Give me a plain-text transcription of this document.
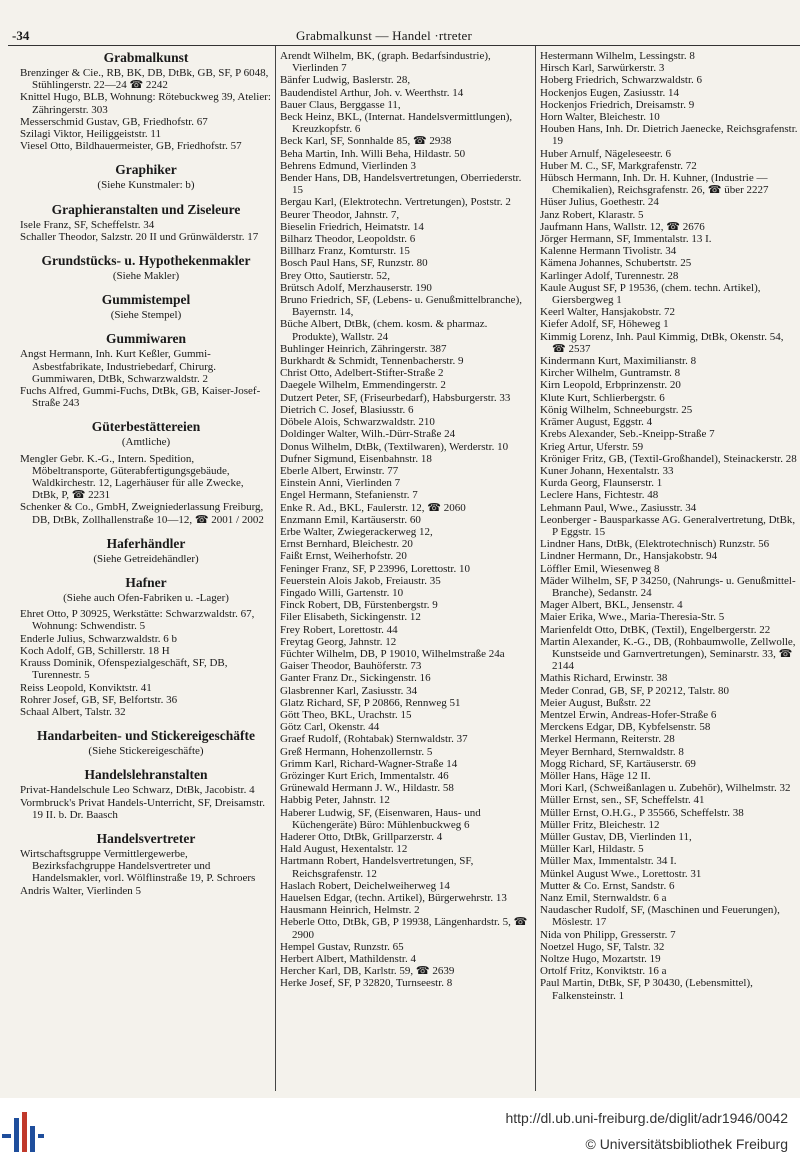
-34	Grabmalkunst — Handel ·rtreter

Grabmalkunst

Brenzinger & Cie., RB, BK, DB, DtBk, GB, SF, P 6048, Stühlingerstr. 22—24 ☎ 2242

Knittel Hugo, BLB, Wohnung: Rötebuckweg 39, Atelier: Zähringerstr. 303

Messerschmid Gustav, GB, Friedhofstr. 67

Szilagi Viktor, Heiliggeiststr. 11

Viesel Otto, Bildhauermeister, GB, Friedhofstr. 57

Graphiker

(Siehe Kunstmaler: b)

Graphieranstalten und Ziseleure

Isele Franz, SF, Scheffelstr. 34

Schaller Theodor, Salzstr. 20 II und Grünwälderstr. 17

Grundstücks- u. Hypothekenmakler

(Siehe Makler)

Gummistempel

(Siehe Stempel)

Gummiwaren

Angst Hermann, Inh. Kurt Keßler, Gummi-Asbestfabrikate, Industriebedarf, Chirurg. Gummiwaren, DtBk, Schwarzwaldstr. 2

Fuchs Alfred, Gummi-Fuchs, DtBk, GB, Kaiser-Josef-Straße 243

Güterbestättereien

(Amtliche)

Mengler Gebr. K.-G., Intern. Spedition, Möbeltransporte, Güterabfertigungsgebäude, Waldkirchestr. 12, Lagerhäuser für alle Zwecke, DtBk, P, ☎ 2231

Schenker & Co., GmbH, Zweigniederlassung Freiburg, DB, DtBk, Zollhallenstraße 10—12, ☎ 2001 / 2002

Haferhändler

(Siehe Getreidehändler)

Hafner

(Siehe auch Ofen-Fabriken u. -Lager)

Ehret Otto, P 30925, Werkstätte: Schwarzwaldstr. 67, Wohnung: Schwendistr. 5

Enderle Julius, Schwarzwaldstr. 6 b

Koch Adolf, GB, Schillerstr. 18 H

Krauss Dominik, Ofenspezialgeschäft, SF, DB, Turennestr. 5

Reiss Leopold, Konviktstr. 41

Rohrer Josef, GB, SF, Belfortstr. 36

Schaal Albert, Talstr. 32

Handarbeiten- und Stickereigeschäfte

(Siehe Stickereigeschäfte)

Handelslehranstalten

Privat-Handelschule Leo Schwarz, DtBk, Jacobistr. 4

Vormbruck's Privat Handels-Unterricht, SF, Dreisamstr. 19 II. b. Dr. Baasch

Handelsvertreter

Wirtschaftsgruppe Vermittlergewerbe, Bezirksfachgruppe Handelsvertreter und Handelsmakler, vorl. Wölflinstraße 19, P. Schroers

Andris Walter, Vierlinden 5

Arendt Wilhelm, BK, (graph. Bedarfsindustrie), Vierlinden 7

Bänfer Ludwig, Baslerstr. 28,

Baudendistel Arthur, Joh. v. Weerthstr. 14

Bauer Claus, Berggasse 11,

Beck Heinz, BKL, (Internat. Handelsvermittlungen), Kreuzkopfstr. 6

Beck Karl, SF, Sonnhalde 85, ☎ 2938

Beha Martin, Inh. Willi Beha, Hildastr. 50

Behrens Edmund, Vierlinden 3

Bender Hans, DB, Handelsvertretungen, Oberriederstr. 15

Bergau Karl, (Elektrotechn. Vertretungen), Poststr. 2

Beurer Theodor, Jahnstr. 7,

Bieselin Friedrich, Heimatstr. 14

Bilharz Theodor, Leopoldstr. 6

Billharz Franz, Komturstr. 15

Bosch Paul Hans, SF, Runzstr. 80

Brey Otto, Sautierstr. 52,

Brütsch Adolf, Merzhauserstr. 190

Bruno Friedrich, SF, (Lebens- u. Genußmittelbranche), Bayernstr. 14,

Büche Albert, DtBk, (chem. kosm. & pharmaz. Produkte), Wallstr. 24

Buhlinger Heinrich, Zähringerstr. 387

Burkhardt & Schmidt, Tennenbacherstr. 9

Christ Otto, Adelbert-Stifter-Straße 2

Daegele Wilhelm, Emmendingerstr. 2

Dutzert Peter, SF, (Friseurbedarf), Habsburgerstr. 33

Dietrich C. Josef, Blasiusstr. 6

Döbele Alois, Schwarzwaldstr. 210

Doldinger Walter, Wilh.-Dürr-Straße 24

Donus Wilhelm, DtBk, (Textilwaren), Werderstr. 10

Dufner Sigmund, Eisenbahnstr. 18

Eberle Albert, Erwinstr. 77

Einstein Anni, Vierlinden 7

Engel Hermann, Stefanienstr. 7

Enke R. Ad., BKL, Faulerstr. 12, ☎ 2060

Enzmann Emil, Kartäuserstr. 60

Erbe Walter, Zwiegerackerweg 12,

Ernst Bernhard, Bleichestr. 20

Faißt Ernst, Weiherhofstr. 20

Feninger Franz, SF, P 23996, Lorettostr. 10

Feuerstein Alois Jakob, Freiaustr. 35

Fingado Willi, Gartenstr. 10

Finck Robert, DB, Fürstenbergstr. 9

Filer Elisabeth, Sickingenstr. 12

Frey Robert, Lorettostr. 44

Freytag Georg, Jahnstr. 12

Füchter Wilhelm, DB, P 19010, Wilhelmstraße 24a

Gaiser Theodor, Bauhöferstr. 73

Ganter Franz Dr., Sickingenstr. 16

Glasbrenner Karl, Zasiusstr. 34

Glatz Richard, SF, P 20866, Rennweg 51

Gött Theo, BKL, Urachstr. 15

Götz Carl, Okenstr. 44

Graef Rudolf, (Rohtabak) Sternwaldstr. 37

Greß Hermann, Hohenzollernstr. 5

Grimm Karl, Richard-Wagner-Straße 14

Grözinger Kurt Erich, Immentalstr. 46

Grünewald Hermann J. W., Hildastr. 58

Habbig Peter, Jahnstr. 12

Haberer Ludwig, SF, (Eisenwaren, Haus- und Küchengeräte) Büro: Mühlenbuckweg 6

Haderer Otto, DtBk, Grillparzerstr. 4

Hald August, Hexentalstr. 12

Hartmann Robert, Handelsvertretungen, SF, Reichsgrafenstr. 12

Haslach Robert, Deichelweiherweg 14

Hauelsen Edgar, (techn. Artikel), Bürgerwehrstr. 13

Hausmann Heinrich, Helmstr. 2

Heberle Otto, DtBk, GB, P 19938, Längenhardstr. 5, ☎ 2900

Hempel Gustav, Runzstr. 65

Herbert Albert, Mathildenstr. 4

Hercher Karl, DB, Karlstr. 59, ☎ 2639

Herke Josef, SF, P 32820, Turnseestr. 8

Hestermann Wilhelm, Lessingstr. 8

Hirsch Karl, Sarwürkerstr. 3

Hoberg Friedrich, Schwarzwaldstr. 6

Hockenjos Eugen, Zasiusstr. 14

Hockenjos Friedrich, Dreisamstr. 9

Horn Walter, Bleichestr. 10

Houben Hans, Inh. Dr. Dietrich Jaenecke, Reichsgrafenstr. 19

Huber Arnulf, Nägeleseestr. 6

Huber M. C., SF, Markgrafenstr. 72

Hübsch Hermann, Inh. Dr. H. Kuhner, (Industrie — Chemikalien), Reichsgrafenstr. 26, ☎ über 2227

Hüser Julius, Goethestr. 24

Janz Robert, Klarastr. 5

Jaufmann Hans, Wallstr. 12, ☎ 2676

Jörger Hermann, SF, Immentalstr. 13 I.

Kalenne Hermann Tivolistr. 34

Kämena Johannes, Schubertstr. 25

Karlinger Adolf, Turennestr. 28

Kaule August SF, P 19536, (chem. techn. Artikel), Giersbergweg 1

Keerl Walter, Hansjakobstr. 72

Kiefer Adolf, SF, Höheweg 1

Kimmig Lorenz, Inh. Paul Kimmig, DtBk, Okenstr. 54, ☎ 2537

Kindermann Kurt, Maximilianstr. 8

Kircher Wilhelm, Guntramstr. 8

Kirn Leopold, Erbprinzenstr. 20

Klute Kurt, Schlierbergstr. 6

König Wilhelm, Schneeburgstr. 25

Krämer August, Eggstr. 4

Krebs Alexander, Seb.-Kneipp-Straße 7

Krieg Artur, Uferstr. 59

Kröniger Fritz, GB, (Textil-Großhandel), Steinackerstr. 28

Kuner Johann, Hexentalstr. 33

Kurda Georg, Flaunserstr. 1

Leclere Hans, Fichtestr. 48

Lehmann Paul, Wwe., Zasiusstr. 34

Leonberger - Bausparkasse AG. Generalvertretung, DtBk, P Eggstr. 15

Lindner Hans, DtBk, (Elektrotechnisch) Runzstr. 56

Lindner Hermann, Dr., Hansjakobstr. 94

Löffler Emil, Wiesenweg 8

Mäder Wilhelm, SF, P 34250, (Nahrungs- u. Genußmittel-Branche), Sedanstr. 24

Mager Albert, BKL, Jensenstr. 4

Maier Erika, Wwe., Maria-Theresia-Str. 5

Marienfeldt Otto, DtBK, (Textil), Engelbergerstr. 22

Martin Alexander, K.-G., DB, (Rohbaumwolle, Zellwolle, Kunstseide und Garnvertretungen), Seminarstr. 33, ☎ 2144

Mathis Richard, Erwinstr. 38

Meder Conrad, GB, SF, P 20212, Talstr. 80

Meier August, Bußstr. 22

Mentzel Erwin, Andreas-Hofer-Straße 6

Merckens Edgar, DB, Kybfelsenstr. 58

Merkel Hermann, Reiterstr. 28

Meyer Bernhard, Sternwaldstr. 8

Mogg Richard, SF, Kartäuserstr. 69

Möller Hans, Häge 12 II.

Mori Karl, (Schweißanlagen u. Zubehör), Wilhelmstr. 32

Müller Ernst, sen., SF, Scheffelstr. 41

Müller Ernst, O.H.G., P 35566, Scheffelstr. 38

Müller Fritz, Bleichestr. 12

Müller Gustav, DB, Vierlinden 11,

Müller Karl, Hildastr. 5

Müller Max, Immentalstr. 34 I.

Münkel August Wwe., Lorettostr. 31

Mutter & Co. Ernst, Sandstr. 6

Nanz Emil, Sternwaldstr. 6 a

Naudascher Rudolf, SF, (Maschinen und Feuerungen), Möslestr. 17

Nida von Philipp, Gresserstr. 7

Noetzel Hugo, SF, Talstr. 32

Noltze Hugo, Mozartstr. 19

Ortolf Fritz, Konviktstr. 16 a

Paul Martin, DtBk, SF, P 30430, (Lebensmittel), Falkensteinstr. 1

http://dl.ub.uni-freiburg.de/diglit/adr1946/0042
© Universitätsbibliothek Freiburg
